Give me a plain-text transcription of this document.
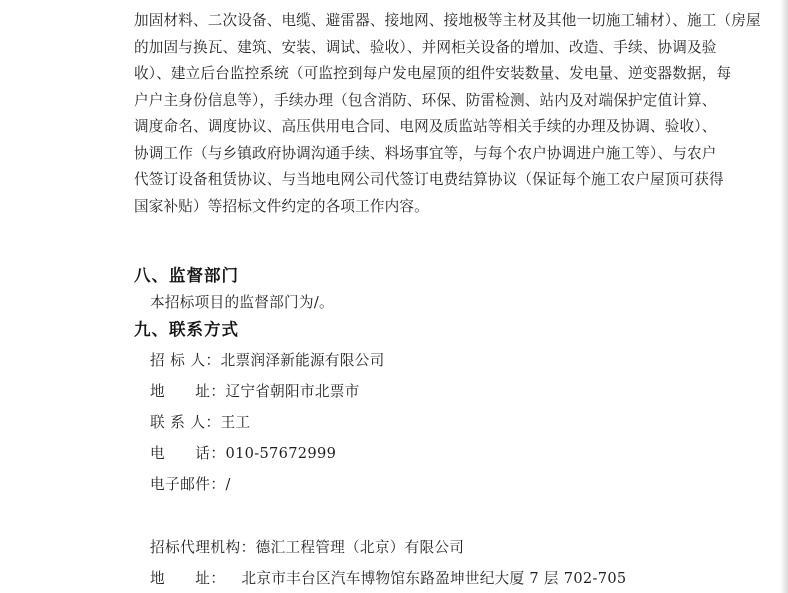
加固材料、二次设备、电缆、避雷器、接地网、接地极等主材及其他一切施工辅材）、施工（房屋
的加固与换瓦、建筑、安装、调试、验收）、并网柜关设备的增加、改造、手续、协调及验
收）、建立后台监控系统（可监控到每户发电屋顶的组件安装数量、发电量、逆变器数据，每
户户主身份信息等），手续办理（包含消防、环保、防雷检测、站内及对端保护定值计算、
调度命名、调度协议、高压供用电合同、电网及质监站等相关手续的办理及协调、验收）、
协调工作（与乡镇政府协调沟通手续、料场事宜等，与每个农户协调进户施工等）、与农户
代签订设备租赁协议、与当地电网公司代签订电费结算协议（保证每个施工农户屋顶可获得
国家补贴）等招标文件约定的各项工作内容。
八、监督部门
本招标项目的监督部门为/。
九、联系方式
招 标 人：北票润泽新能源有限公司
地　　址：辽宁省朝阳市北票市
联 系 人：王工
电　　话：010-57672999
电子邮件：/
招标代理机构：德汇工程管理（北京）有限公司
地　　址： 北京市丰台区汽车博物馆东路盈坤世纪大厦 7 层 702-705
